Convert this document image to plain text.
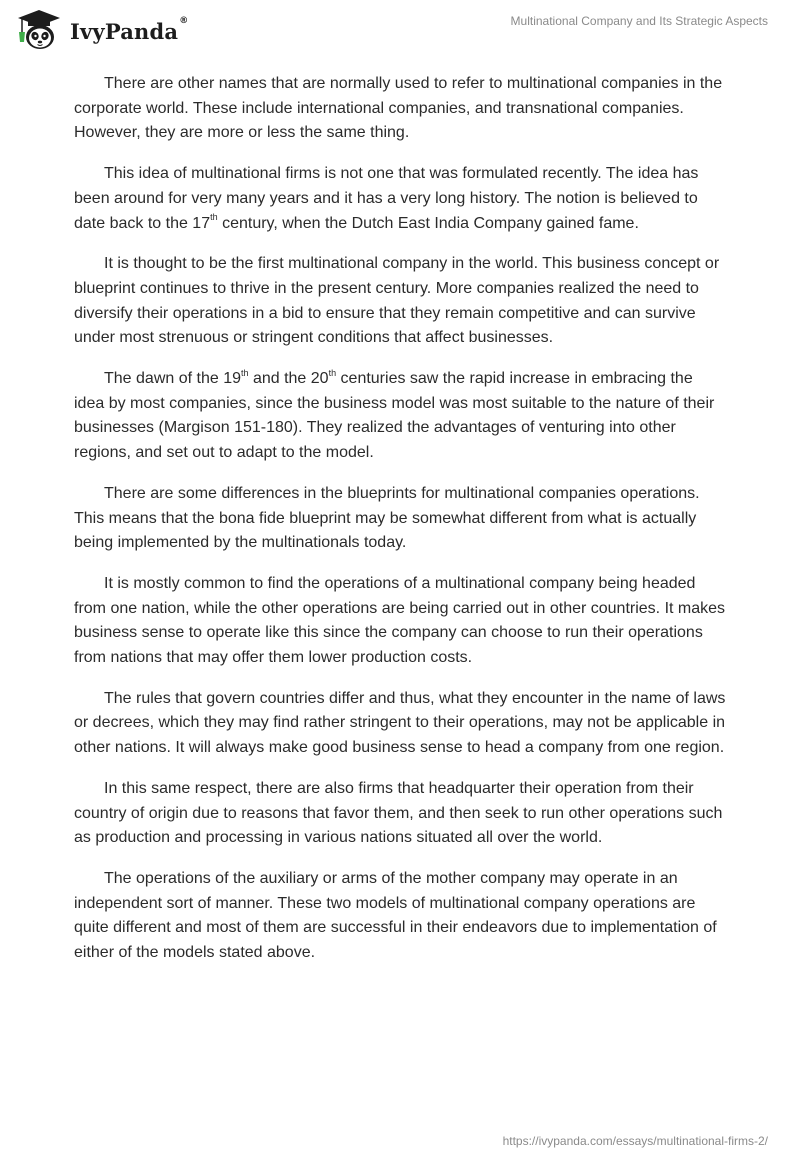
IvyPanda®	Multinational Company and Its Strategic Aspects

There are other names that are normally used to refer to multinational companies in the corporate world. These include international companies, and transnational companies. However, they are more or less the same thing.

This idea of multinational firms is not one that was formulated recently. The idea has been around for very many years and it has a very long history. The notion is believed to date back to the 17th century, when the Dutch East India Company gained fame.

It is thought to be the first multinational company in the world. This business concept or blueprint continues to thrive in the present century. More companies realized the need to diversify their operations in a bid to ensure that they remain competitive and can survive under most strenuous or stringent conditions that affect businesses.

The dawn of the 19th and the 20th centuries saw the rapid increase in embracing the idea by most companies, since the business model was most suitable to the nature of their businesses (Margison 151-180). They realized the advantages of venturing into other regions, and set out to adapt to the model.

There are some differences in the blueprints for multinational companies operations. This means that the bona fide blueprint may be somewhat different from what is actually being implemented by the multinationals today.

It is mostly common to find the operations of a multinational company being headed from one nation, while the other operations are being carried out in other countries. It makes business sense to operate like this since the company can choose to run their operations from nations that may offer them lower production costs.

The rules that govern countries differ and thus, what they encounter in the name of laws or decrees, which they may find rather stringent to their operations, may not be applicable in other nations. It will always make good business sense to head a company from one region.

In this same respect, there are also firms that headquarter their operation from their country of origin due to reasons that favor them, and then seek to run other operations such as production and processing in various nations situated all over the world.

The operations of the auxiliary or arms of the mother company may operate in an independent sort of manner. These two models of multinational company operations are quite different and most of them are successful in their endeavors due to implementation of either of the models stated above.

https://ivypanda.com/essays/multinational-firms-2/
